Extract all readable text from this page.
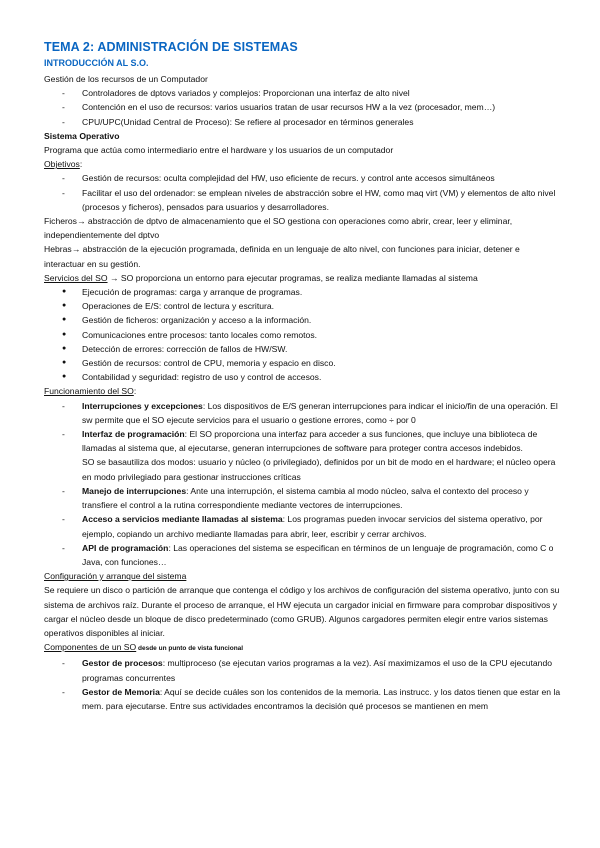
TEMA 2: ADMINISTRACIÓN DE SISTEMAS
INTRODUCCIÓN AL S.O.

Gestión de los recursos de un Computador

- Controladores de dptovs variados y complejos: Proporcionan una interfaz de alto nivel
- Contención en el uso de recursos: varios usuarios tratan de usar recursos HW a la vez (procesador, mem…)
- CPU/UPC(Unidad Central de Proceso): Se refiere al procesador en términos generales

Sistema Operativo

Programa que actúa como intermediario entre el hardware y los usuarios de un computador

Objetivos:

- Gestión de recursos: oculta complejidad del HW, uso eficiente de recurs. y control ante accesos simultáneos
- Facilitar el uso del ordenador: se emplean niveles de abstracción sobre el HW, como maq virt (VM) y elementos de alto nivel (procesos y ficheros), pensados para usuarios y desarrolladores.

Ficheros→ abstracción de dptvo de almacenamiento que el SO gestiona con operaciones como abrir, crear, leer y eliminar, independientemente del dptvo

Hebras→ abstracción de la ejecución programada, definida en un lenguaje de alto nivel, con funciones para iniciar, detener e interactuar en su gestión.

Servicios del SO → SO proporciona un entorno para ejecutar programas, se realiza mediante llamadas al sistema

● Ejecución de programas: carga y arranque de programas.
● Operaciones de E/S: control de lectura y escritura.
● Gestión de ficheros: organización y acceso a la información.
● Comunicaciones entre procesos: tanto locales como remotos.
● Detección de errores: corrección de fallos de HW/SW.
● Gestión de recursos: control de CPU, memoria y espacio en disco.
● Contabilidad y seguridad: registro de uso y control de accesos.

Funcionamiento del SO:

- Interrupciones y excepciones: Los dispositivos de E/S generan interrupciones para indicar el inicio/fin de una operación. El sw permite que el SO ejecute servicios para el usuario o gestione errores, como ÷ por 0
- Interfaz de programación: El SO proporciona una interfaz para acceder a sus funciones, que incluye una biblioteca de llamadas al sistema que, al ejecutarse, generan interrupciones de software para proteger contra accesos indebidos.
SO se basautiliza dos modos: usuario y núcleo (o privilegiado), definidos por un bit de modo en el hardware; el núcleo opera en modo privilegiado para gestionar instrucciones críticas
- Manejo de interrupciones: Ante una interrupción, el sistema cambia al modo núcleo, salva el contexto del proceso y transfiere el control a la rutina correspondiente mediante vectores de interrupciones.
- Acceso a servicios mediante llamadas al sistema: Los programas pueden invocar servicios del sistema operativo, por ejemplo, copiando un archivo mediante llamadas para abrir, leer, escribir y cerrar archivos.
- API de programación: Las operaciones del sistema se especifican en términos de un lenguaje de programación, como C o Java, con funciones…

Configuración y arranque del sistema

Se requiere un disco o partición de arranque que contenga el código y los archivos de configuración del sistema operativo, junto con su sistema de archivos raíz. Durante el proceso de arranque, el HW ejecuta un cargador inicial en firmware para comprobar dispositivos y cargar el núcleo desde un bloque de disco predeterminado (como GRUB). Algunos cargadores permiten elegir entre varios sistemas operativos disponibles al iniciar.

Componentes de un SO desde un punto de vista funcional

- Gestor de procesos: multiproceso (se ejecutan varios programas a la vez). Así maximizamos el uso de la CPU ejecutando programas concurrentes
- Gestor de Memoria: Aquí se decide cuáles son los contenidos de la memoria. Las instrucc. y los datos tienen que estar en la mem. para ejecutarse. Entre sus actividades encontramos la decisión qué procesos se mantienen en mem
